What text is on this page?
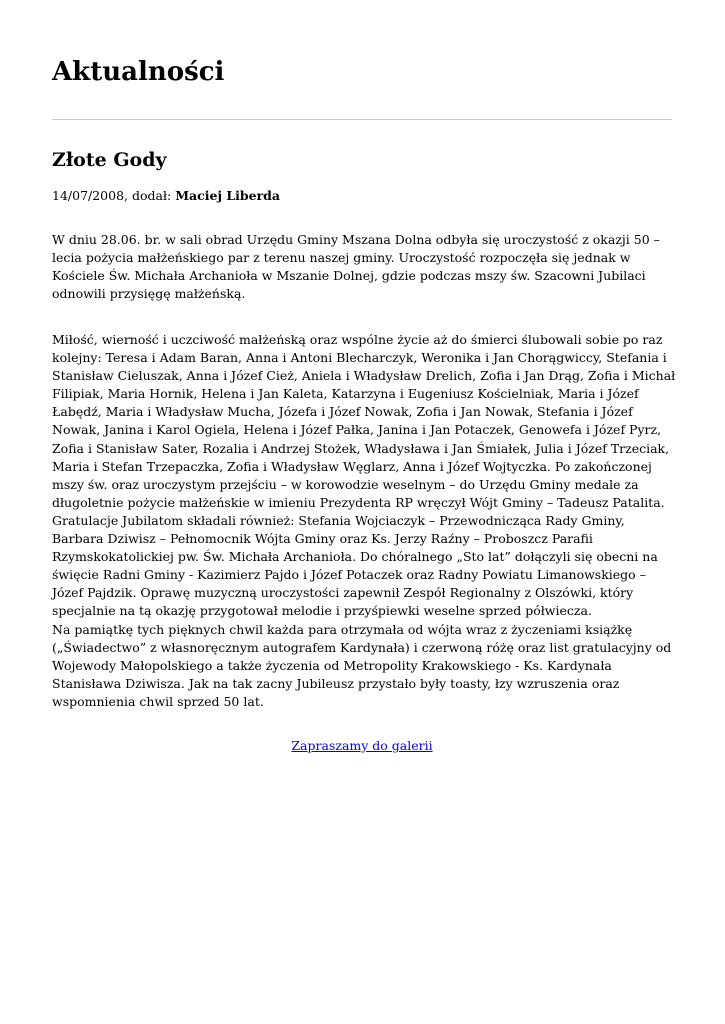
Aktualności
Złote Gody

14/07/2008, dodał: Maciej Liberda

W dniu 28.06. br. w sali obrad Urzędu Gminy Mszana Dolna odbyła się uroczystość z okazji 50 – lecia pożycia małżeńskiego par z terenu naszej gminy. Uroczystość rozpoczęła się jednak w Kościele Św. Michała Archanioła w Mszanie Dolnej, gdzie podczas mszy św. Szacowni Jubilaci odnowili przysięgę małżeńską.

Miłość, wierność i uczciwość małżeńską oraz wspólne życie aż do śmierci ślubowali sobie po raz kolejny: Teresa i Adam Baran, Anna i Antoni Blecharczyk, Weronika i Jan Chorągwiccy, Stefania i Stanisław Cieluszak, Anna i Józef Cież, Aniela i Władysław Drelich, Zofia i Jan Drąg, Zofia i Michał Filipiak, Maria Hornik, Helena i Jan Kaleta, Katarzyna i Eugeniusz Kościelniak, Maria i Józef Łabędź, Maria i Władysław Mucha, Józefa i Józef Nowak, Zofia i Jan Nowak, Stefania i Józef Nowak, Janina i Karol Ogiela, Helena i Józef Pałka, Janina i Jan Potaczek, Genowefa i Józef Pyrz, Zofia i Stanisław Sater, Rozalia i Andrzej Stożek, Władysława i Jan Śmiałek, Julia i Józef Trzeciak, Maria i Stefan Trzepaczka, Zofia i Władysław Węglarz, Anna i Józef Wojtyczka. Po zakończonej mszy św. oraz uroczystym przejściu – w korowodzie weselnym – do Urzędu Gminy medale za długoletnie pożycie małżeńskie w imieniu Prezydenta RP wręczył Wójt Gminy – Tadeusz Patalita. Gratulacje Jubilatom składali również: Stefania Wojciaczyk – Przewodnicząca Rady Gminy, Barbara Dziwisz – Pełnomocnik Wójta Gminy oraz Ks. Jerzy Raźny – Proboszcz Parafii Rzymskokatolickiej pw. Św. Michała Archanioła. Do chóralnego „Sto lat” dołączyli się obecni na święcie Radni Gminy - Kazimierz Pajdo i Józef Potaczek oraz Radny Powiatu Limanowskiego – Józef Pajdzik. Oprawę muzyczną uroczystości zapewnił Zespół Regionalny z Olszówki, który specjalnie na tą okazję przygotował melodie i przyśpiewki weselne sprzed półwiecza.
Na pamiątkę tych pięknych chwil każda para otrzymała od wójta wraz z życzeniami książkę („Świadectwo” z własnoręcznym autografem Kardynała) i czerwoną różę oraz list gratulacyjny od Wojewody Małopolskiego a także życzenia od Metropolity Krakowskiego - Ks. Kardynała Stanisława Dziwisza. Jak na tak zacny Jubileusz przystało były toasty, łzy wzruszenia oraz wspomnienia chwil sprzed 50 lat.

Zapraszamy do galerii
